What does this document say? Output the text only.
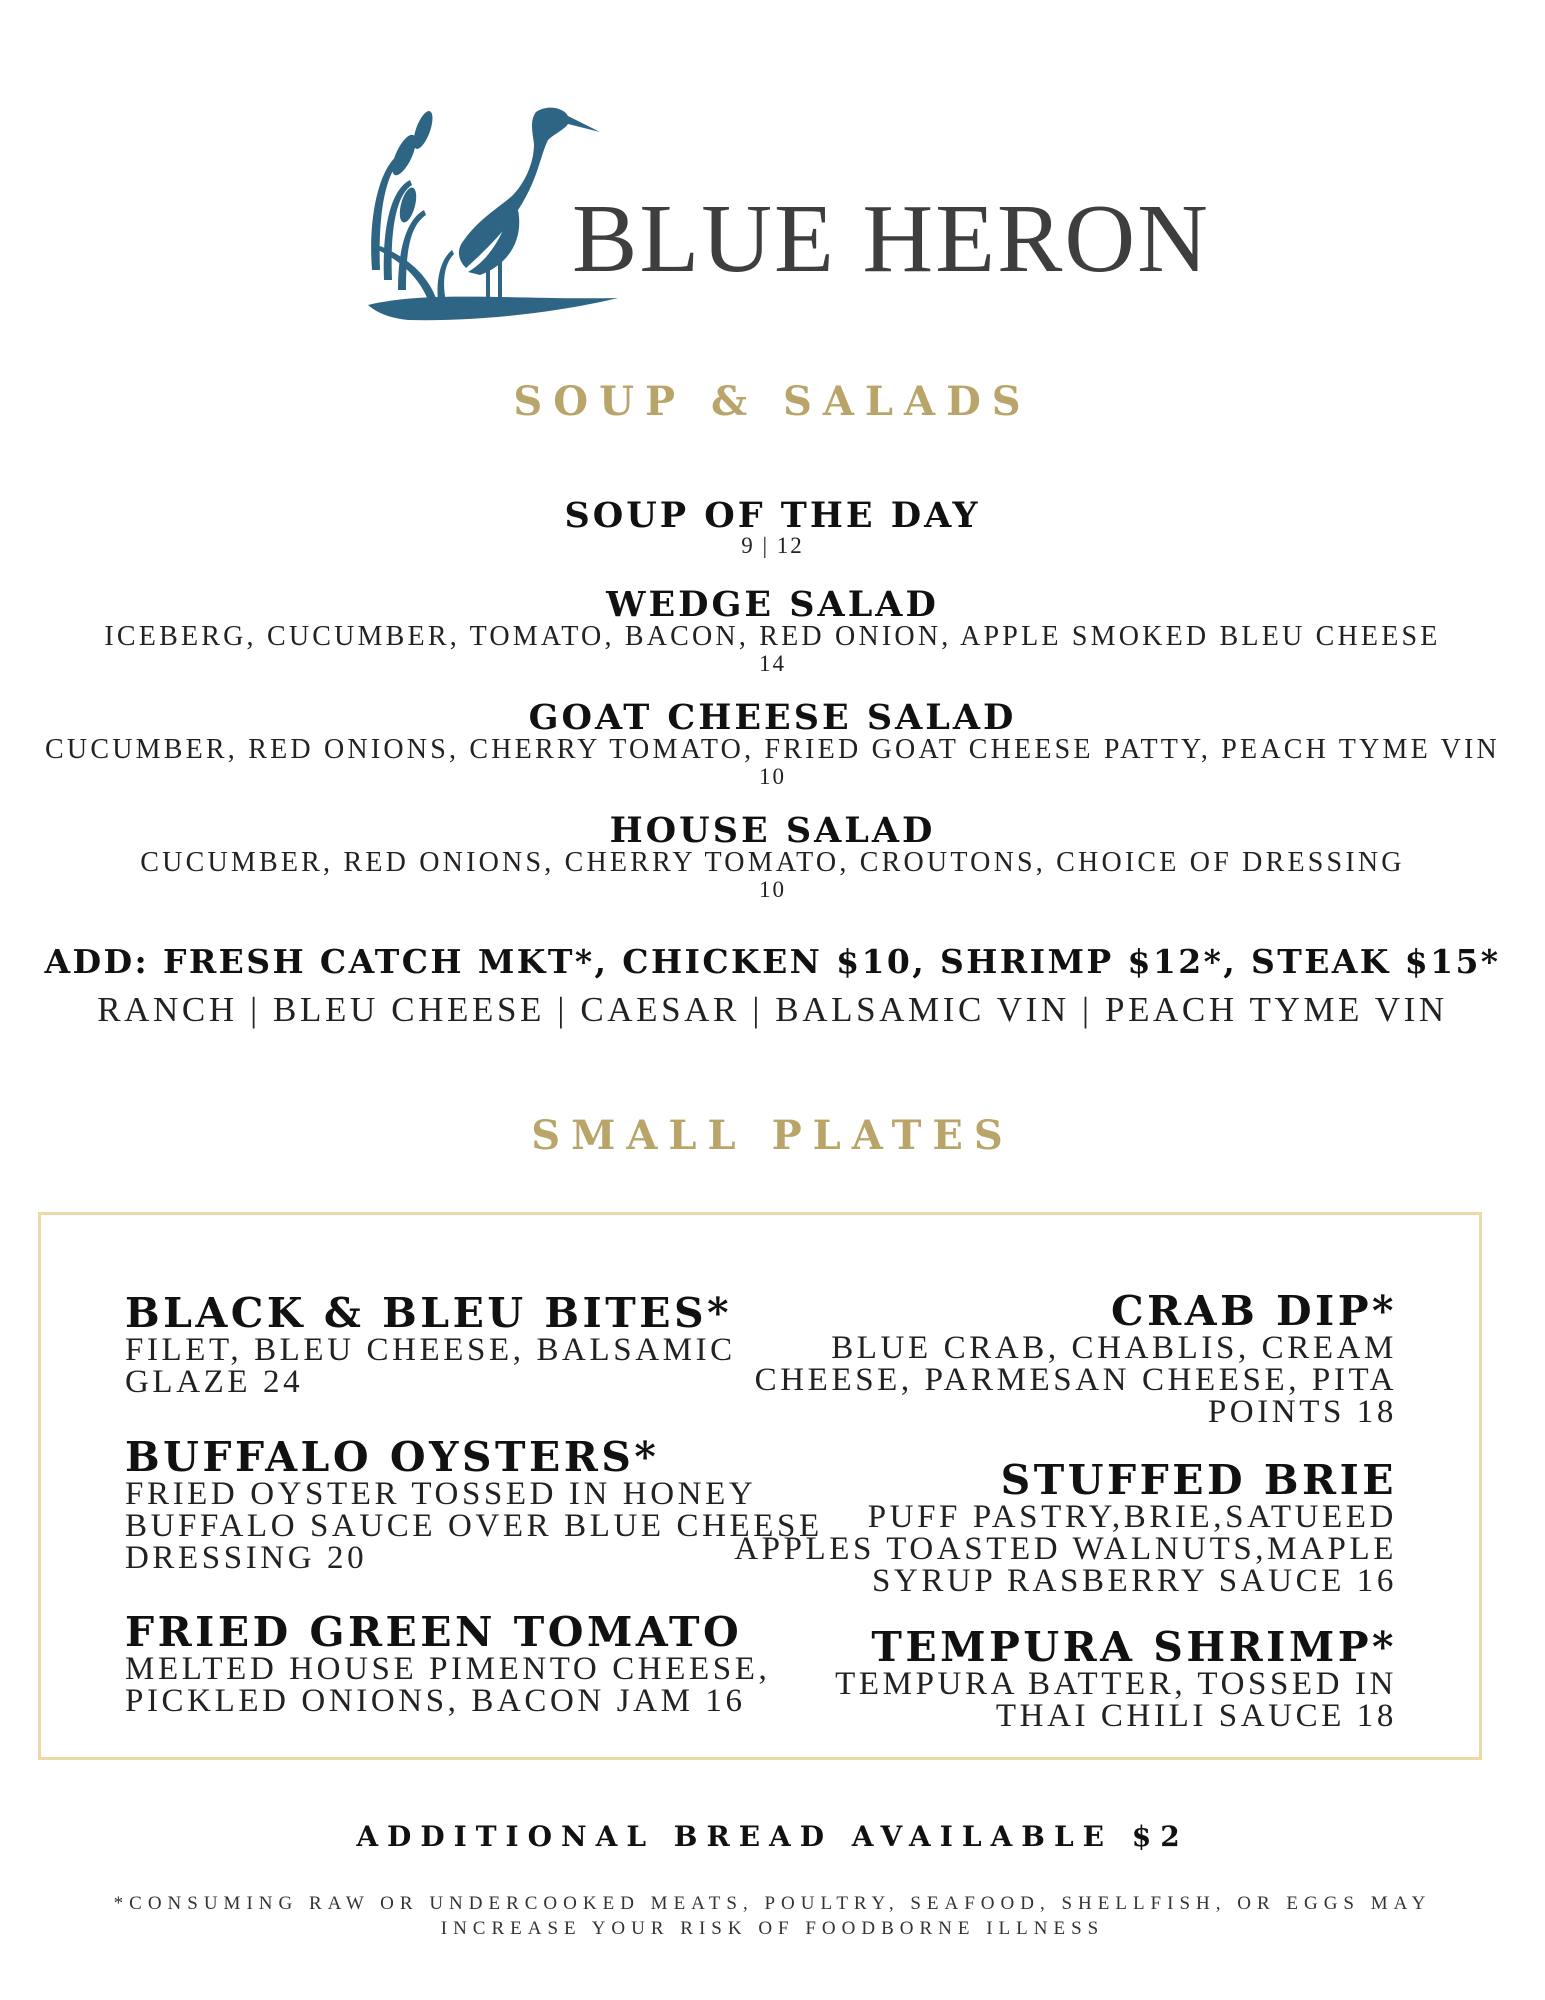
BLUE HERON
SOUP & SALADS
SOUP OF THE DAY
9 | 12
WEDGE SALAD
ICEBERG, CUCUMBER, TOMATO, BACON, RED ONION, APPLE SMOKED BLEU CHEESE
14
GOAT CHEESE SALAD
CUCUMBER, RED ONIONS, CHERRY TOMATO, FRIED GOAT CHEESE PATTY, PEACH TYME VIN
10
HOUSE SALAD
CUCUMBER, RED ONIONS, CHERRY TOMATO, CROUTONS, CHOICE OF DRESSING
10
ADD: FRESH CATCH MKT*, CHICKEN $10, SHRIMP $12*, STEAK $15*
RANCH | BLEU CHEESE | CAESAR | BALSAMIC VIN | PEACH TYME VIN
SMALL PLATES
BLACK & BLEU BITES*
FILET, BLEU CHEESE, BALSAMIC
GLAZE 24
BUFFALO OYSTERS*
FRIED OYSTER TOSSED IN HONEY
BUFFALO SAUCE OVER BLUE CHEESE
DRESSING 20
FRIED GREEN TOMATO
MELTED HOUSE PIMENTO CHEESE,
PICKLED ONIONS, BACON JAM 16
CRAB DIP*
BLUE CRAB, CHABLIS, CREAM
CHEESE, PARMESAN CHEESE, PITA
POINTS 18
STUFFED BRIE
PUFF PASTRY,BRIE,SATUEED
APPLES TOASTED WALNUTS,MAPLE
SYRUP RASBERRY SAUCE 16
TEMPURA SHRIMP*
TEMPURA BATTER, TOSSED IN
THAI CHILI SAUCE 18
ADDITIONAL BREAD AVAILABLE $2
*CONSUMING RAW OR UNDERCOOKED MEATS, POULTRY, SEAFOOD, SHELLFISH, OR EGGS MAY
INCREASE YOUR RISK OF FOODBORNE ILLNESS
